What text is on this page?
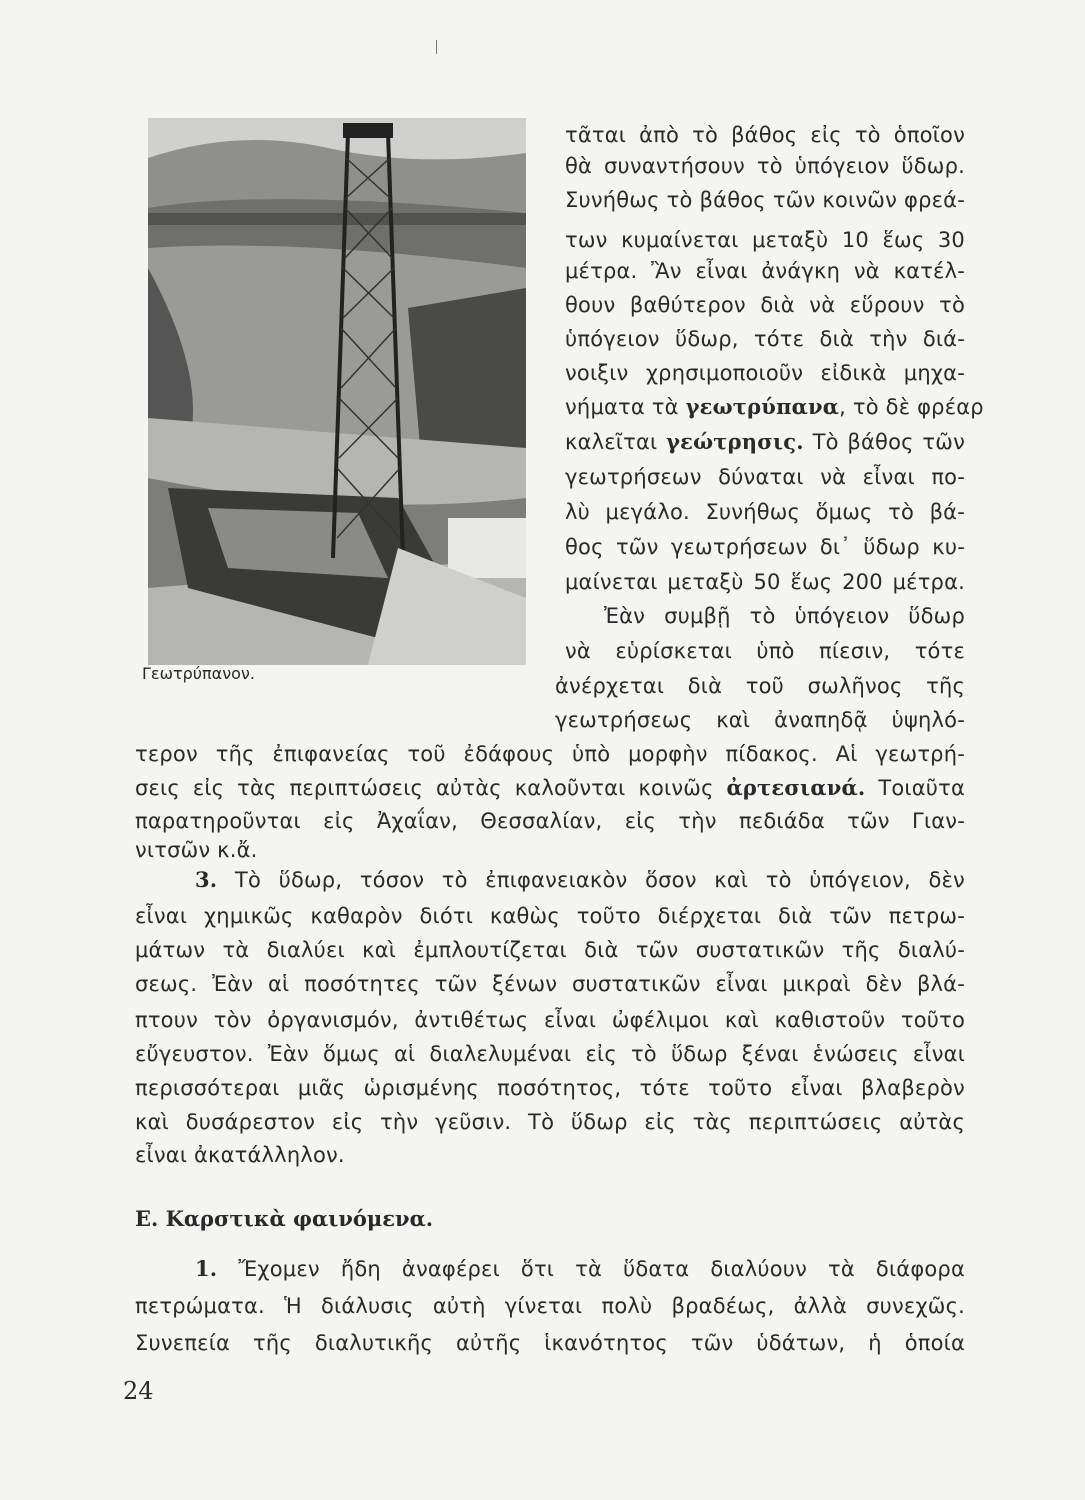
Γεωτρύπανον.
τᾶται ἀπὸ τὸ βάθος εἰς τὸ ὁποῖον
θὰ συναντήσουν τὸ ὑπόγειον ὕδωρ.
Συνήθως τὸ βάθος τῶν κοινῶν φρεά-
των κυμαίνεται μεταξὺ 10 ἕως 30
μέτρα. Ἂν εἶναι ἀνάγκη νὰ κατέλ-
θουν βαθύτερον διὰ νὰ εὕρουν τὸ
ὑπόγειον ὕδωρ, τότε διὰ τὴν διά-
νοιξιν χρησιμοποιοῦν εἰδικὰ μηχα-
νήματα τὰ γεωτρύπανα, τὸ δὲ φρέαρ
καλεῖται γεώτρησις. Τὸ βάθος τῶν
γεωτρήσεων δύναται νὰ εἶναι πο-
λὺ μεγάλο. Συνήθως ὅμως τὸ βά-
θος τῶν γεωτρήσεων δι᾽ ὕδωρ κυ-
μαίνεται μεταξὺ 50 ἕως 200 μέτρα.
Ἐὰν συμβῇ τὸ ὑπόγειον ὕδωρ
νὰ εὑρίσκεται ὑπὸ πίεσιν, τότε
ἀνέρχεται διὰ τοῦ σωλῆνος τῆς
γεωτρήσεως καὶ ἀναπηδᾷ ὑψηλό-
τερον τῆς ἐπιφανείας τοῦ ἐδάφους ὑπὸ μορφὴν πίδακος. Αἱ γεωτρή-
σεις εἰς τὰς περιπτώσεις αὐτὰς καλοῦνται κοινῶς ἀρτεσιανά. Τοιαῦτα
παρατηροῦνται εἰς Ἀχαΐαν, Θεσσαλίαν, εἰς τὴν πεδιάδα τῶν Γιαν-
νιτσῶν κ.ἄ.
3. Τὸ ὕδωρ, τόσον τὸ ἐπιφανειακὸν ὅσον καὶ τὸ ὑπόγειον, δὲν
εἶναι χημικῶς καθαρὸν διότι καθὼς τοῦτο διέρχεται διὰ τῶν πετρω-
μάτων τὰ διαλύει καὶ ἐμπλουτίζεται διὰ τῶν συστατικῶν τῆς διαλύ-
σεως. Ἐὰν αἱ ποσότητες τῶν ξένων συστατικῶν εἶναι μικραὶ δὲν βλά-
πτουν τὸν ὀργανισμόν, ἀντιθέτως εἶναι ὠφέλιμοι καὶ καθιστοῦν τοῦτο
εὔγευστον. Ἐὰν ὅμως αἱ διαλελυμέναι εἰς τὸ ὕδωρ ξέναι ἑνώσεις εἶναι
περισσότεραι μιᾶς ὡρισμένης ποσότητος, τότε τοῦτο εἶναι βλαβερὸν
καὶ δυσάρεστον εἰς τὴν γεῦσιν. Τὸ ὕδωρ εἰς τὰς περιπτώσεις αὐτὰς
εἶναι ἀκατάλληλον.
Ε. Καρστικὰ φαινόμενα.
1. Ἔχομεν ἤδη ἀναφέρει ὅτι τὰ ὕδατα διαλύουν τὰ διάφορα
πετρώματα. Ἡ διάλυσις αὐτὴ γίνεται πολὺ βραδέως, ἀλλὰ συνεχῶς.
Συνεπεία τῆς διαλυτικῆς αὐτῆς ἱκανότητος τῶν ὑδάτων, ἡ ὁποία
24
